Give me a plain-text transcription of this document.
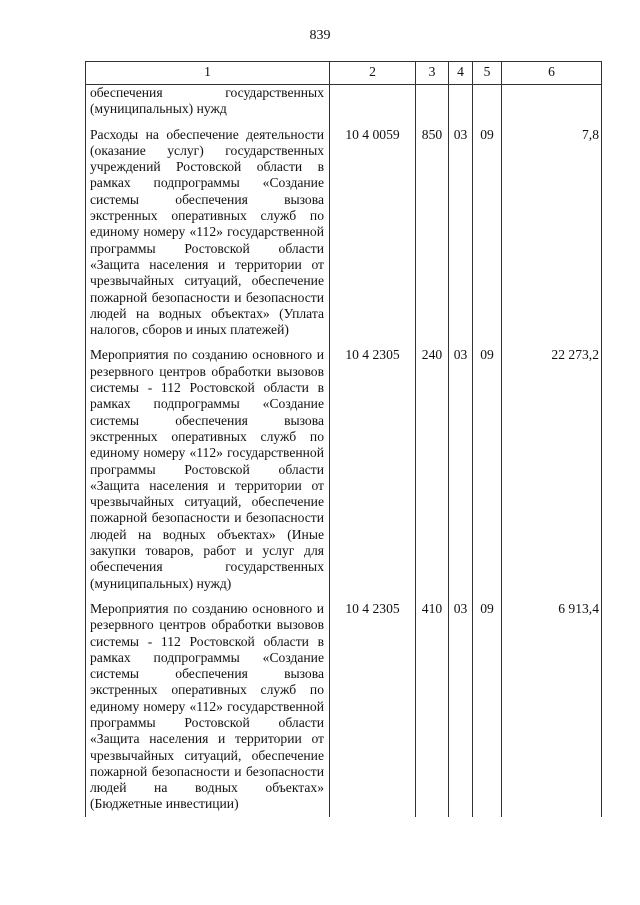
839
1	2	3	4	5	6
обеспечения государственных (муниципальных) нужд					
Расходы на обеспечение деятельности (оказание услуг) государственных учреждений Ростовской области в рамках подпрограммы «Создание системы обеспечения вызова экстренных оперативных служб по единому номеру «112» государственной программы Ростовской области «Защита населения и территории от чрезвычайных ситуаций, обеспечение пожарной безопасности и безопасности людей на водных объектах» (Уплата налогов, сборов и иных платежей)	10 4 0059	850	03	09	7,8
Мероприятия по созданию основного и резервного центров обработки вызовов системы - 112 Ростовской области в рамках подпрограммы «Создание системы обеспечения вызова экстренных оперативных служб по единому номеру «112» государственной программы Ростовской области «Защита населения и территории от чрезвычайных ситуаций, обеспечение пожарной безопасности и безопасности людей на водных объектах» (Иные закупки товаров, работ и услуг для обеспечения государственных (муниципальных) нужд)	10 4 2305	240	03	09	22 273,2
Мероприятия по созданию основного и резервного центров обработки вызовов системы - 112 Ростовской области в рамках подпрограммы «Создание системы обеспечения вызова экстренных оперативных служб по единому номеру «112» государственной программы Ростовской области «Защита населения и территории от чрезвычайных ситуаций, обеспечение пожарной безопасности и безопасности людей на водных объектах» (Бюджетные инвестиции)	10 4 2305	410	03	09	6 913,4
